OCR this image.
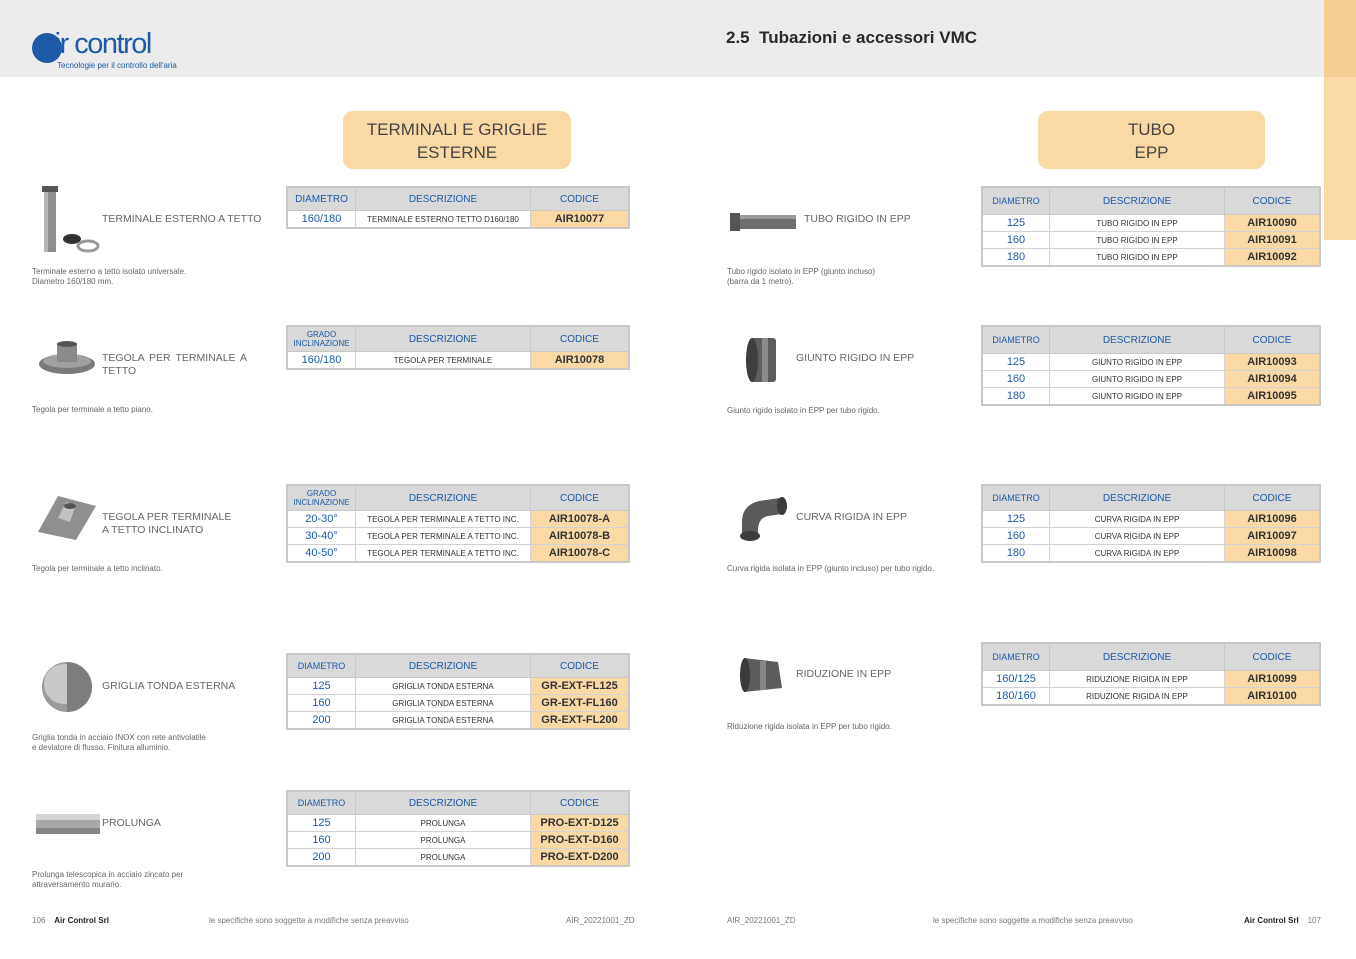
air control
Tecnologie per il controllo dell'aria
2.5 Tubazioni e accessori VMC
TERMINALI E GRIGLIE
ESTERNE
TUBO
EPP
TERMINALE ESTERNO A TETTO
Terminale esterno a tetto isolato universale.
Diametro 160/180 mm.
DIAMETRO	DESCRIZIONE	CODICE
160/180	TERMINALE ESTERNO TETTO D160/180	AIR10077
TEGOLA PER TERMINALE A
TETTO
Tegola per terminale a tetto piano.
GRADO
INCLINAZIONE	DESCRIZIONE	CODICE
160/180	TEGOLA PER TERMINALE	AIR10078
TEGOLA PER TERMINALE
A TETTO INCLINATO
Tegola per terminale a tetto inclinato.
GRADO
INCLINAZIONE	DESCRIZIONE	CODICE
20-30°	TEGOLA PER TERMINALE A TETTO INC.	AIR10078-A
30-40°	TEGOLA PER TERMINALE A TETTO INC.	AIR10078-B
40-50°	TEGOLA PER TERMINALE A TETTO INC.	AIR10078-C
GRIGLIA TONDA ESTERNA
Griglia tonda in acciaio INOX con rete antivolatile
e deviatore di flusso. Finitura alluminio.
DIAMETRO	DESCRIZIONE	CODICE
125	GRIGLIA TONDA ESTERNA	GR-EXT-FL125
160	GRIGLIA TONDA ESTERNA	GR-EXT-FL160
200	GRIGLIA TONDA ESTERNA	GR-EXT-FL200
PROLUNGA
Prolunga telescopica in acciaio zincato per
attraversamento murario.
DIAMETRO	DESCRIZIONE	CODICE
125	PROLUNGA	PRO-EXT-D125
160	PROLUNGA	PRO-EXT-D160
200	PROLUNGA	PRO-EXT-D200
TUBO RIGIDO IN EPP
Tubo rigido isolato in EPP (giunto incluso)
(barra da 1 metro).
DIAMETRO	DESCRIZIONE	CODICE
125	TUBO RIGIDO IN EPP	AIR10090
160	TUBO RIGIDO IN EPP	AIR10091
180	TUBO RIGIDO IN EPP	AIR10092
GIUNTO RIGIDO IN EPP
Giunto rigido isolato in EPP per tubo rigido.
DIAMETRO	DESCRIZIONE	CODICE
125	GIUNTO RIGIDO IN EPP	AIR10093
160	GIUNTO RIGIDO IN EPP	AIR10094
180	GIUNTO RIGIDO IN EPP	AIR10095
CURVA RIGIDA IN EPP
Curva rigida isolata in EPP (giunto incluso) per tubo rigido.
DIAMETRO	DESCRIZIONE	CODICE
125	CURVA RIGIDA IN EPP	AIR10096
160	CURVA RIGIDA IN EPP	AIR10097
180	CURVA RIGIDA IN EPP	AIR10098
RIDUZIONE IN EPP
Riduzione rigida isolata in EPP per tubo rigido.
DIAMETRO	DESCRIZIONE	CODICE
160/125	RIDUZIONE RIGIDA IN EPP	AIR10099
180/160	RIDUZIONE RIGIDA IN EPP	AIR10100
106 Air Control Srl	le specifiche sono soggette a modifiche senza preavviso	AIR_20221001_ZD	AIR_20221001_ZD	le specifiche sono soggette a modifiche senza preavviso	Air Control Srl 107
